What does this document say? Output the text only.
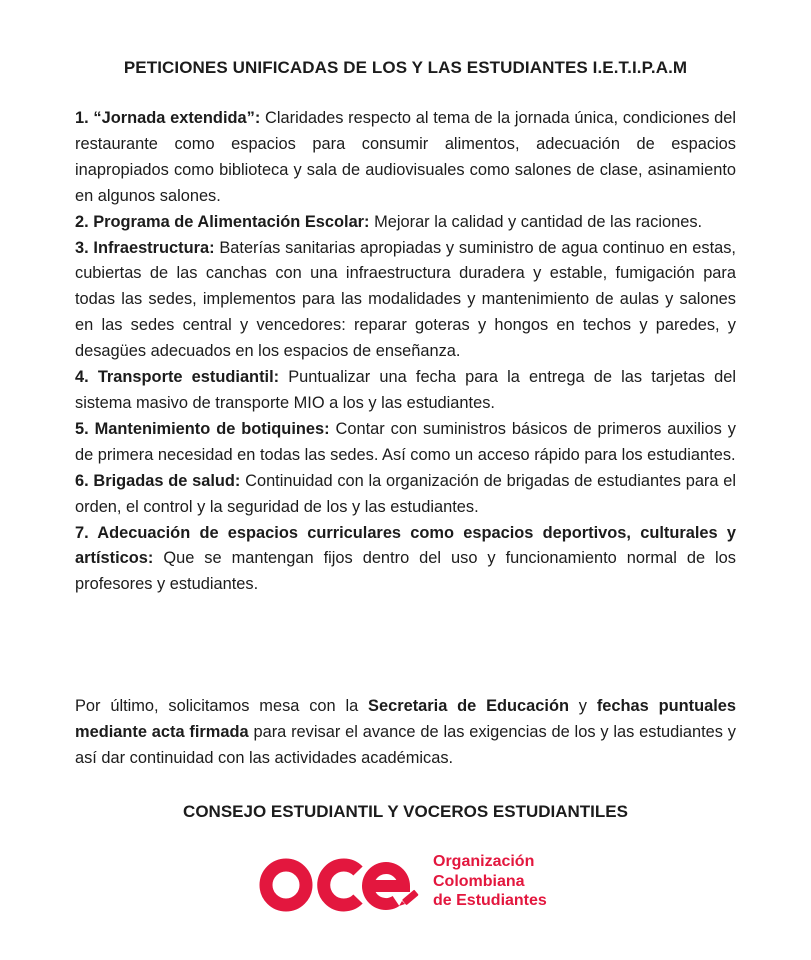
PETICIONES UNIFICADAS DE LOS Y LAS ESTUDIANTES I.E.T.I.P.A.M

1. “Jornada extendida”: Claridades respecto al tema de la jornada única, condiciones del restaurante como espacios para consumir alimentos, adecuación de espacios inapropiados como biblioteca y sala de audiovisuales como salones de clase, asinamiento en algunos salones.

2. Programa de Alimentación Escolar: Mejorar la calidad y cantidad de las raciones.

3. Infraestructura: Baterías sanitarias apropiadas y suministro de agua continuo en estas, cubiertas de las canchas con una infraestructura duradera y estable, fumigación para todas las sedes, implementos para las modalidades y mantenimiento de aulas y salones en las sedes central y vencedores: reparar goteras y hongos en techos y paredes, y desagües adecuados en los espacios de enseñanza.

4. Transporte estudiantil: Puntualizar una fecha para la entrega de las tarjetas del sistema masivo de transporte MIO a los y las estudiantes.

5. Mantenimiento de botiquines: Contar con suministros básicos de primeros auxilios y de primera necesidad en todas las sedes. Así como un acceso rápido para los estudiantes.

6. Brigadas de salud: Continuidad con la organización de brigadas de estudiantes para el orden, el control y la seguridad de los y las estudiantes.

7. Adecuación de espacios curriculares como espacios deportivos, culturales y artísticos: Que se mantengan fijos dentro del uso y funcionamiento normal de los profesores y estudiantes.

Por último, solicitamos mesa con la Secretaria de Educación y fechas puntuales mediante acta firmada para revisar el avance de las exigencias de los y las estudiantes y así dar continuidad con las actividades académicas.

CONSEJO ESTUDIANTIL Y VOCEROS ESTUDIANTILES
Organización
Colombiana
de Estudiantes
